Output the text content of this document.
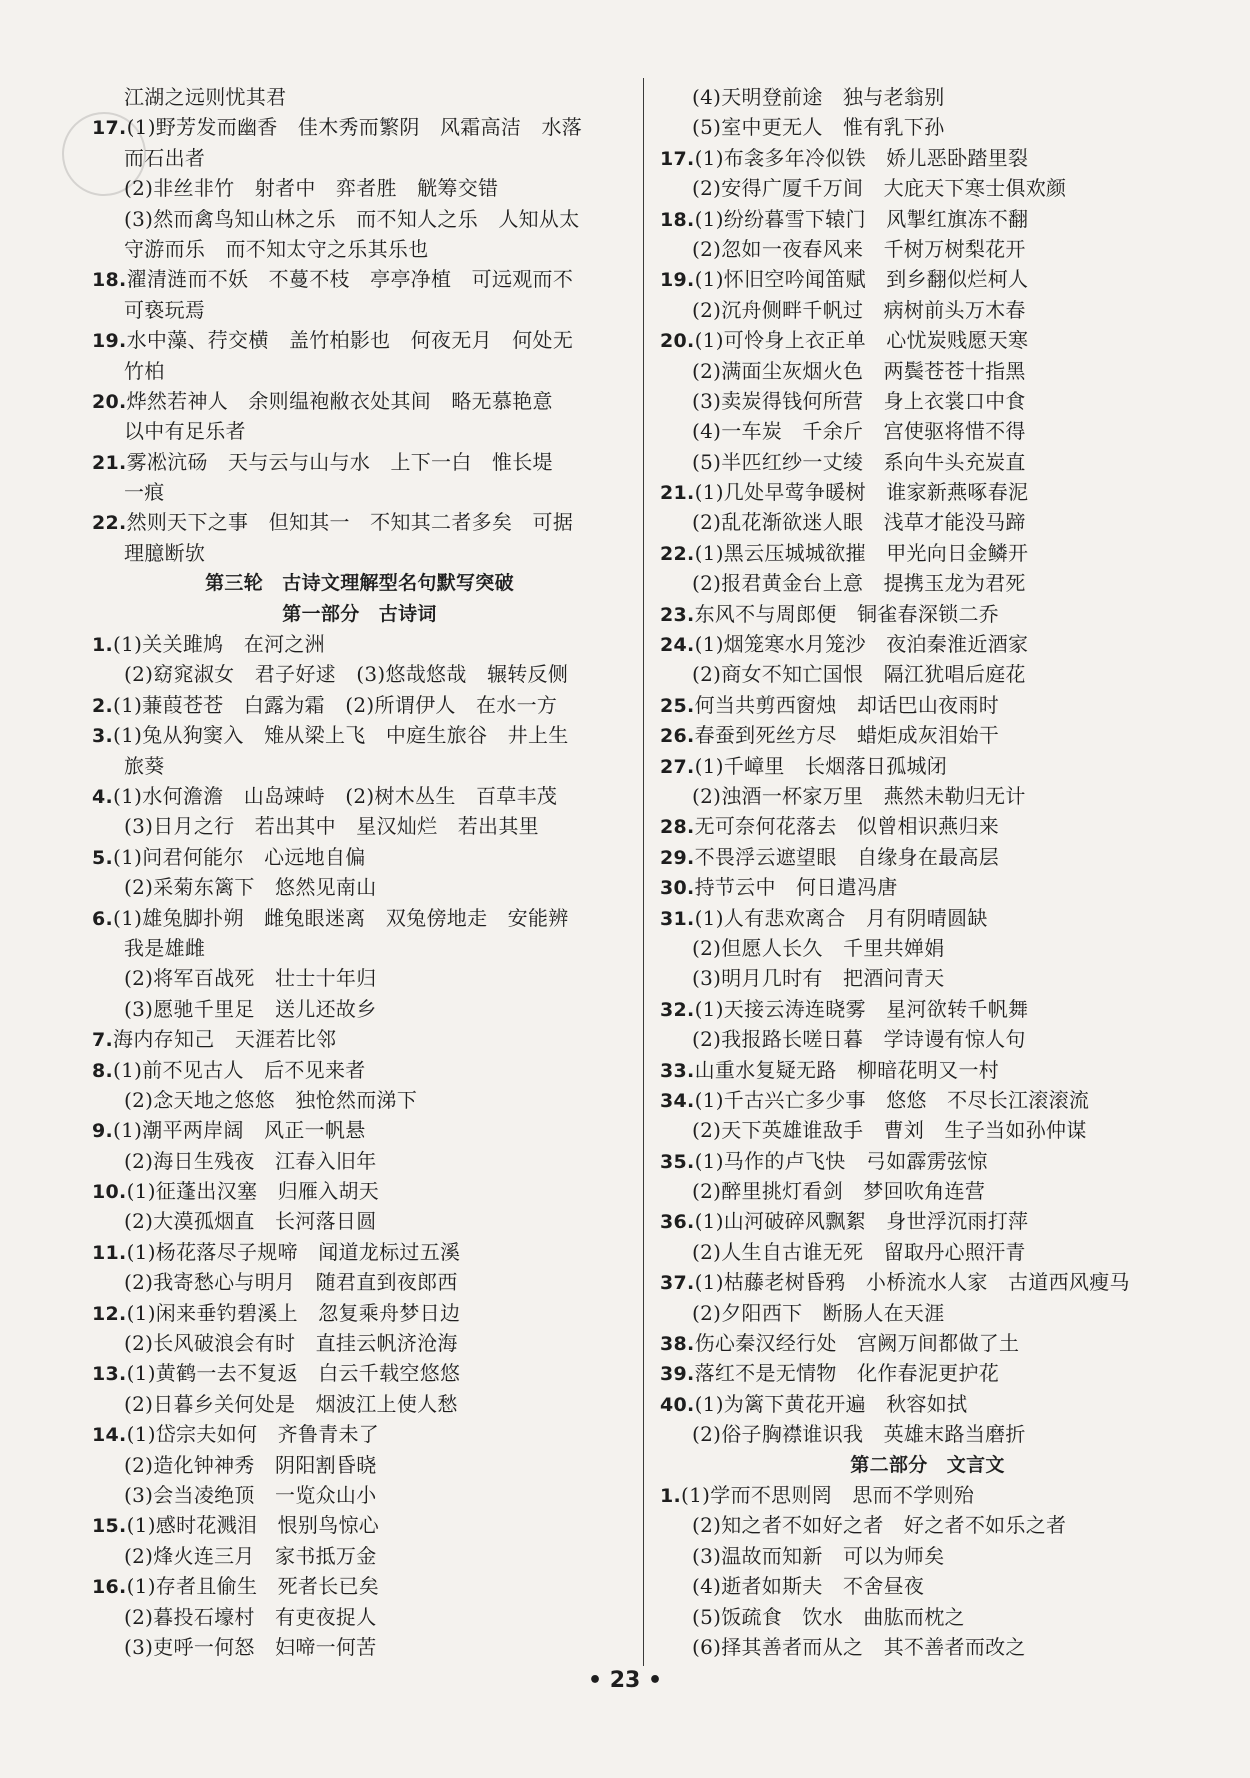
江湖之远则忧其君
17.(1)野芳发而幽香　佳木秀而繁阴　风霜高洁　水落
而石出者
(2)非丝非竹　射者中　弈者胜　觥筹交错
(3)然而禽鸟知山林之乐　而不知人之乐　人知从太
守游而乐　而不知太守之乐其乐也
18.濯清涟而不妖　不蔓不枝　亭亭净植　可远观而不
可亵玩焉
19.水中藻、荇交横　盖竹柏影也　何夜无月　何处无
竹柏
20.烨然若神人　余则缊袍敝衣处其间　略无慕艳意
以中有足乐者
21.雾凇沆砀　天与云与山与水　上下一白　惟长堤
一痕
22.然则天下之事　但知其一　不知其二者多矣　可据
理臆断欤
第三轮　古诗文理解型名句默写突破
第一部分　古诗词
1.(1)关关雎鸠　在河之洲
(2)窈窕淑女　君子好逑　(3)悠哉悠哉　辗转反侧
2.(1)蒹葭苍苍　白露为霜　(2)所谓伊人　在水一方
3.(1)兔从狗窦入　雉从梁上飞　中庭生旅谷　井上生
旅葵
4.(1)水何澹澹　山岛竦峙　(2)树木丛生　百草丰茂
(3)日月之行　若出其中　星汉灿烂　若出其里
5.(1)问君何能尔　心远地自偏
(2)采菊东篱下　悠然见南山
6.(1)雄兔脚扑朔　雌兔眼迷离　双兔傍地走　安能辨
我是雄雌
(2)将军百战死　壮士十年归
(3)愿驰千里足　送儿还故乡
7.海内存知己　天涯若比邻
8.(1)前不见古人　后不见来者
(2)念天地之悠悠　独怆然而涕下
9.(1)潮平两岸阔　风正一帆悬
(2)海日生残夜　江春入旧年
10.(1)征蓬出汉塞　归雁入胡天
(2)大漠孤烟直　长河落日圆
11.(1)杨花落尽子规啼　闻道龙标过五溪
(2)我寄愁心与明月　随君直到夜郎西
12.(1)闲来垂钓碧溪上　忽复乘舟梦日边
(2)长风破浪会有时　直挂云帆济沧海
13.(1)黄鹤一去不复返　白云千载空悠悠
(2)日暮乡关何处是　烟波江上使人愁
14.(1)岱宗夫如何　齐鲁青未了
(2)造化钟神秀　阴阳割昏晓
(3)会当凌绝顶　一览众山小
15.(1)感时花溅泪　恨别鸟惊心
(2)烽火连三月　家书抵万金
16.(1)存者且偷生　死者长已矣
(2)暮投石壕村　有吏夜捉人
(3)吏呼一何怒　妇啼一何苦
(4)天明登前途　独与老翁别
(5)室中更无人　惟有乳下孙
17.(1)布衾多年冷似铁　娇儿恶卧踏里裂
(2)安得广厦千万间　大庇天下寒士俱欢颜
18.(1)纷纷暮雪下辕门　风掣红旗冻不翻
(2)忽如一夜春风来　千树万树梨花开
19.(1)怀旧空吟闻笛赋　到乡翻似烂柯人
(2)沉舟侧畔千帆过　病树前头万木春
20.(1)可怜身上衣正单　心忧炭贱愿天寒
(2)满面尘灰烟火色　两鬓苍苍十指黑
(3)卖炭得钱何所营　身上衣裳口中食
(4)一车炭　千余斤　宫使驱将惜不得
(5)半匹红纱一丈绫　系向牛头充炭直
21.(1)几处早莺争暖树　谁家新燕啄春泥
(2)乱花渐欲迷人眼　浅草才能没马蹄
22.(1)黑云压城城欲摧　甲光向日金鳞开
(2)报君黄金台上意　提携玉龙为君死
23.东风不与周郎便　铜雀春深锁二乔
24.(1)烟笼寒水月笼沙　夜泊秦淮近酒家
(2)商女不知亡国恨　隔江犹唱后庭花
25.何当共剪西窗烛　却话巴山夜雨时
26.春蚕到死丝方尽　蜡炬成灰泪始干
27.(1)千嶂里　长烟落日孤城闭
(2)浊酒一杯家万里　燕然未勒归无计
28.无可奈何花落去　似曾相识燕归来
29.不畏浮云遮望眼　自缘身在最高层
30.持节云中　何日遣冯唐
31.(1)人有悲欢离合　月有阴晴圆缺
(2)但愿人长久　千里共婵娟
(3)明月几时有　把酒问青天
32.(1)天接云涛连晓雾　星河欲转千帆舞
(2)我报路长嗟日暮　学诗谩有惊人句
33.山重水复疑无路　柳暗花明又一村
34.(1)千古兴亡多少事　悠悠　不尽长江滚滚流
(2)天下英雄谁敌手　曹刘　生子当如孙仲谋
35.(1)马作的卢飞快　弓如霹雳弦惊
(2)醉里挑灯看剑　梦回吹角连营
36.(1)山河破碎风飘絮　身世浮沉雨打萍
(2)人生自古谁无死　留取丹心照汗青
37.(1)枯藤老树昏鸦　小桥流水人家　古道西风瘦马
(2)夕阳西下　断肠人在天涯
38.伤心秦汉经行处　宫阙万间都做了土
39.落红不是无情物　化作春泥更护花
40.(1)为篱下黄花开遍　秋容如拭
(2)俗子胸襟谁识我　英雄末路当磨折
第二部分　文言文
1.(1)学而不思则罔　思而不学则殆
(2)知之者不如好之者　好之者不如乐之者
(3)温故而知新　可以为师矣
(4)逝者如斯夫　不舍昼夜
(5)饭疏食　饮水　曲肱而枕之
(6)择其善者而从之　其不善者而改之
• 23 •
